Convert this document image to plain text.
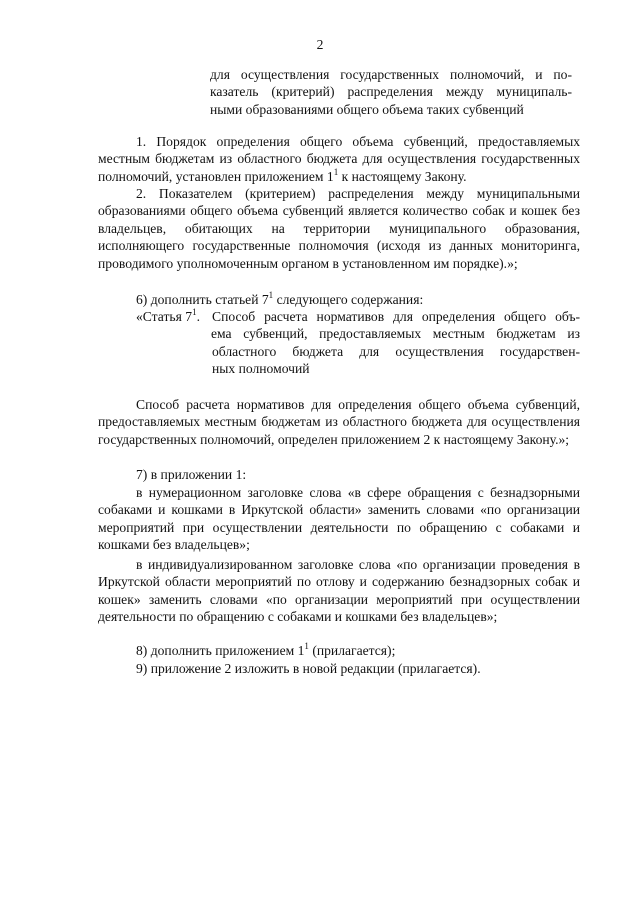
2

для осуществления государственных полномочий, и по-

казатель (критерий) распределения между муниципаль-

ными образованиями общего объема таких субвенций

1. Порядок определения общего объема субвенций, предоставляемых местным бюджетам из областного бюджета для осуществления государственных полномочий, установлен приложением $1^1$ к настоящему Закону.

2. Показателем (критерием) распределения между муниципальными образованиями общего объема субвенций является количество собак и кошек без владельцев, обитающих на территории муниципального образования, исполняющего государственные полномочия (исходя из данных мониторинга, проводимого уполномоченным органом в установленном им порядке).»;

6) дополнить статьей $7^1$ следующего содержания:

«Статья $7^1$. Способ расчета нормативов для определения общего объ-

ема субвенций, предоставляемых местным бюджетам из

областного бюджета для осуществления государствен-

ных полномочий

Способ расчета нормативов для определения общего объема субвенций, предоставляемых местным бюджетам из областного бюджета для осуществления государственных полномочий, определен приложением 2 к настоящему Закону.»;

7) в приложении 1:

в нумерационном заголовке слова «в сфере обращения с безнадзорными собаками и кошками в Иркутской области» заменить словами «по организации мероприятий при осуществлении деятельности по обращению с собаками и кошками без владельцев»;

в индивидуализированном заголовке слова «по организации проведения в Иркутской области мероприятий по отлову и содержанию безнадзорных собак и кошек» заменить словами «по организации мероприятий при осуществлении деятельности по обращению с собаками и кошками без владельцев»;

8) дополнить приложением $1^1$ (прилагается);

9) приложение 2 изложить в новой редакции (прилагается).
